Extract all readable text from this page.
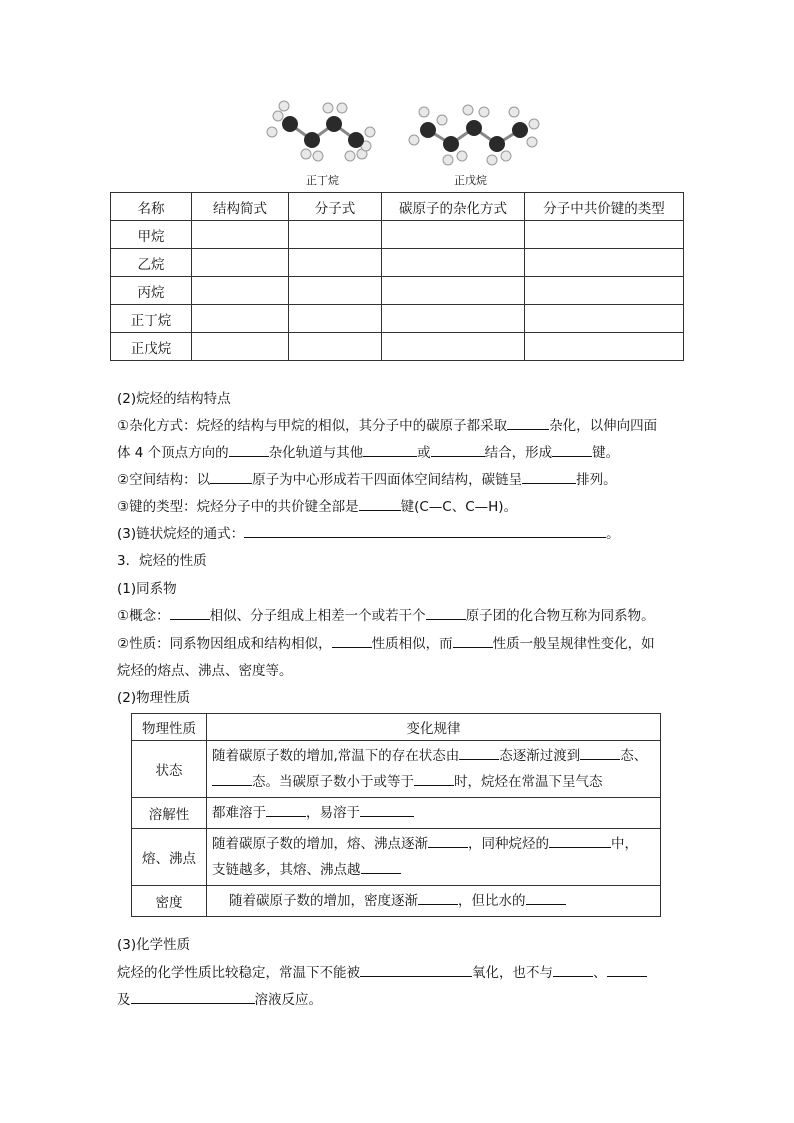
正丁烷	正戊烷
名称	结构简式	分子式	碳原子的杂化方式	分子中共价键的类型
甲烷				
乙烷				
丙烷				
正丁烷				
正戊烷				
(2)烷烃的结构特点
①杂化方式：烷烃的结构与甲烷的相似，其分子中的碳原子都采取	杂化，以伸向四面
体 4 个顶点方向的	杂化轨道与其他	或	结合，形成	键。
②空间结构：以	原子为中心形成若干四面体空间结构，碳链呈	排列。
③键的类型：烷烃分子中的共价键全部是	键(C—C、C—H)。
(3)链状烷烃的通式：	。
3．烷烃的性质
(1)同系物
①概念：	相似、分子组成上相差一个或若干个	原子团的化合物互称为同系物。
②性质：同系物因组成和结构相似，	性质相似，而	性质一般呈规律性变化，如
烷烃的熔点、沸点、密度等。
(2)物理性质
物理性质	变化规律
状态	随着碳原子数的增加,常温下的存在状态由 态逐渐过渡到 态、
态。当碳原子数小于或等于 时，烷烃在常温下呈气态
溶解性	都难溶于 ，易溶于
熔、沸点	随着碳原子数的增加，熔、沸点逐渐 ，同种烷烃的 中，
支链越多，其熔、沸点越
密度	随着碳原子数的增加，密度逐渐 ，但比水的
(3)化学性质
烷烃的化学性质比较稳定，常温下不能被	氧化，也不与	、
及	溶液反应。
